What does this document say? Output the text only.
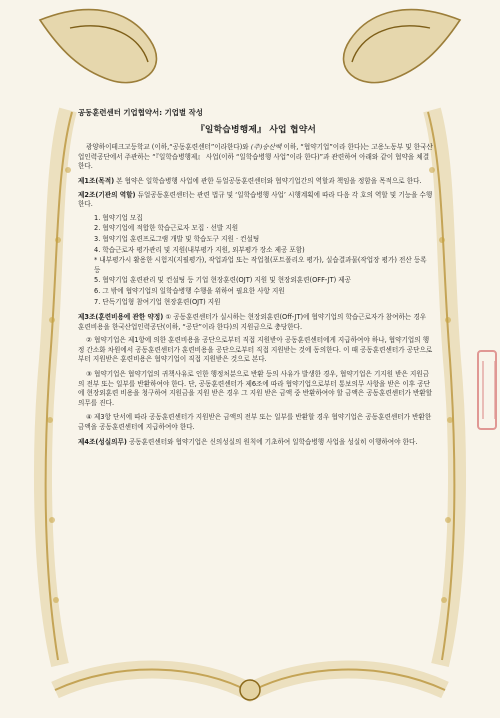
공동훈련센터 기업협약서: 기업별 작성
『일학습병행제』 사업 협약서
광양하이테크고등학교 (이하,“공동훈련센터”이라한다)와 (주)승산백 이하, “협약기업”이라 한다)는 고용노동부 및 한국산업인력공단에서 주관하는 “『일학습병행제』 사업(이하 “일학습병행 사업”이라 한다)”과 관련하여 아래와 같이 협약을 체결한다.
제1조(목적) 본 협약은 일학습병행 사업에 관한 듀얼공동훈련센터와 협약기업간의 역할과 책임을 정함을 목적으로 한다.
제2조(기관의 역할) 듀얼공동훈련센터는 관련 법규 및 ‘일학습병행 사업’ 시행계획에 따라 다음 각 호의 역할 및 기능을 수행 한다.
1. 협약기업 모집
2. 협약기업에 적합한 학습근로자 모집 · 선발 지원
3. 협약기업 훈련프로그램 개발 및 학습도구 지원 · 컨설팅
4. 학습근로자 평가관리 및 지원(내부평가 지원, 외부평가 장소 제공 포함)
* 내부평가시 활용한 시험지(지필평가), 작업과업 또는 작업철(포트폴리오 평가), 실습결과물(작업장 평가) 전산 등록 등
5. 협약기업 훈련관리 및 컨설팅 등 기업 현장훈련(OJT) 지원 및 현장외훈련(OFF-JT) 제공
6. 그 밖에 협약기업의 일학습병행 수행을 위하여 필요한 사항 지원
7. 단독기업형 참여기업 현장훈련(OJT) 지원
제3조(훈련비용에 관한 약정) ① 공동훈련센터가 실시하는 현장외훈련(Off-JT)에 협약기업의 학습근로자가 참여하는 경우 훈련비용을 한국산업인력공단(이하, “공단”이라 한다)의 지원금으로 충당한다.
② 협약기업은 제1항에 의한 훈련비용을 공단으로부터 직접 지원받아 공동훈련센터에게 지급하여야 하나, 협약기업의 행정 간소화 차원에서 공동훈련센터가 훈련비용을 공단으로부터 직접 지원받는 것에 동의한다. 이 때 공동훈련센터가 공단으로부터 지원받은 훈련비용은 협약기업이 직접 지원받은 것으로 본다.
③ 협약기업은 협약기업의 귀책사유로 인한 행정처분으로 반환 등의 사유가 발생한 경우, 협약기업은 기지원 받은 지원금의 전부 또는 일부를 반환하여야 한다. 단, 공동훈련센터가 제6조에 따라 협약기업으로부터 통보의무 사항을 받은 이후 공단에 현장외훈련 비용을 청구하여 지원금을 지원 받은 경우 그 지원 받은 금액 중 반환하여야 할 금액은 공동훈련센터가 반환할 의무를 진다.
④ 제3항 단서에 따라 공동훈련센터가 지원받은 금액의 전부 또는 일부를 반환할 경우 협약기업은 공동훈련센터가 반환한 금액을 공동훈련센터에 지급하여야 한다.
제4조(성실의무) 공동훈련센터와 협약기업은 신의성실의 원칙에 기초하여 일학습병행 사업을 성실히 이행하여야 한다.
